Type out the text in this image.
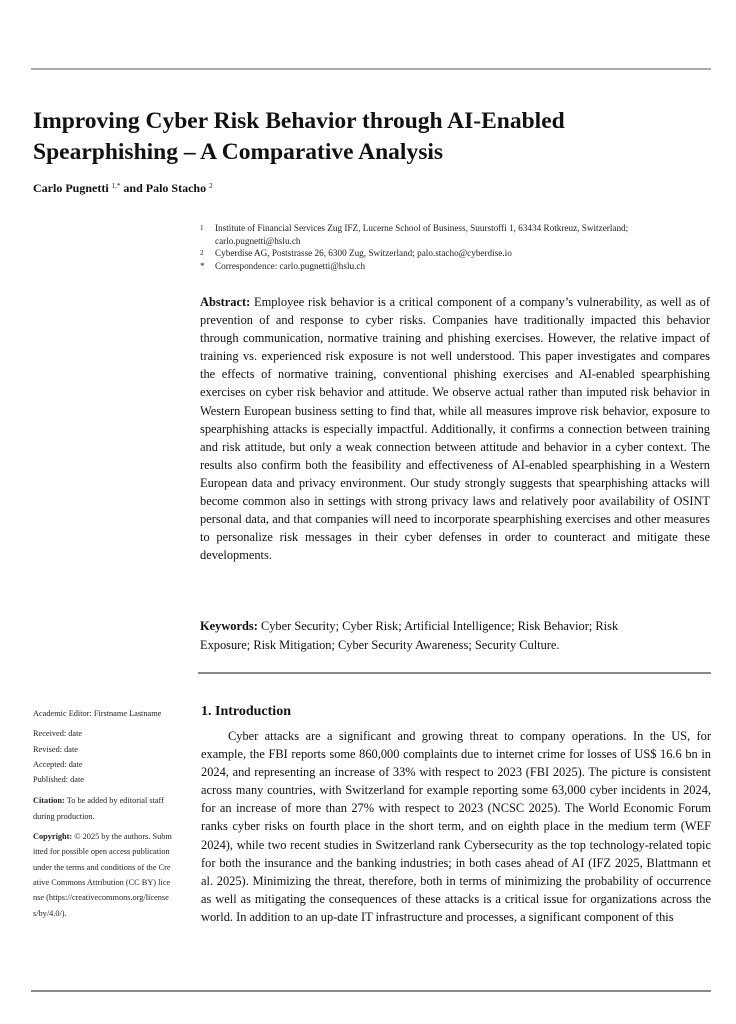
Improving Cyber Risk Behavior through AI-Enabled Spearphishing – A Comparative Analysis
Carlo Pugnetti $^{1,*}$ and Palo Stacho $^2$
1 Institute of Financial Services Zug IFZ, Lucerne School of Business, Suurstoffi 1, 63434 Rotkreuz, Switzerland; carlo.pugnetti@hslu.ch
2 Cyberdise AG, Poststrasse 26, 6300 Zug, Switzerland; palo.stacho@cyberdise.io
* Correspondence: carlo.pugnetti@hslu.ch

Abstract: Employee risk behavior is a critical component of a company’s vulnerability, as well as of prevention of and response to cyber risks. Companies have traditionally impacted this behavior through communication, normative training and phishing exercises. However, the relative impact of training vs. experienced risk exposure is not well understood. This paper investigates and compares the effects of normative training, conventional phishing exercises and AI-enabled spearphishing exercises on cyber risk behavior and attitude. We observe actual rather than imputed risk behavior in Western European business setting to find that, while all measures improve risk behavior, exposure to spearphishing attacks is especially impactful. Additionally, it confirms a connection between training and risk attitude, but only a weak connection between attitude and behavior in a cyber context. The results also confirm both the feasibility and effectiveness of AI-enabled spearphishing in a Western European data and privacy environment. Our study strongly suggests that spearphishing attacks will become common also in settings with strong privacy laws and relatively poor availability of OSINT personal data, and that companies will need to incorporate spearphishing exercises and other measures to personalize risk messages in their cyber defenses in order to counteract and mitigate these developments.

Keywords: Cyber Security; Cyber Risk; Artificial Intelligence; Risk Behavior; Risk Exposure; Risk Mitigation; Cyber Security Awareness; Security Culture.

Academic Editor: Firstname Lastname

Received: date

Revised: date

Accepted: date

Published: date

Citation: To be added by editorial staff during production.

Copyright: © 2025 by the authors. Submitted for possible open access publication under the terms and conditions of the Creative Commons Attribution (CC BY) license (https://creativecommons.org/licenses/by/4.0/).

1. Introduction

Cyber attacks are a significant and growing threat to company operations. In the US, for example, the FBI reports some 860,000 complaints due to internet crime for losses of US$ 16.6 bn in 2024, and representing an increase of 33% with respect to 2023 (FBI 2025). The picture is consistent across many countries, with Switzerland for example reporting some 63,000 cyber incidents in 2024, for an increase of more than 27% with respect to 2023 (NCSC 2025). The World Economic Forum ranks cyber risks on fourth place in the short term, and on eighth place in the medium term (WEF 2024), while two recent studies in Switzerland rank Cybersecurity as the top technology-related topic for both the insurance and the banking industries; in both cases ahead of AI (IFZ 2025, Blattmann et al. 2025). Minimizing the threat, therefore, both in terms of minimizing the probability of occurrence as well as mitigating the consequences of these attacks is a critical issue for organizations across the world. In addition to an up-date IT infrastructure and processes, a significant component of this
